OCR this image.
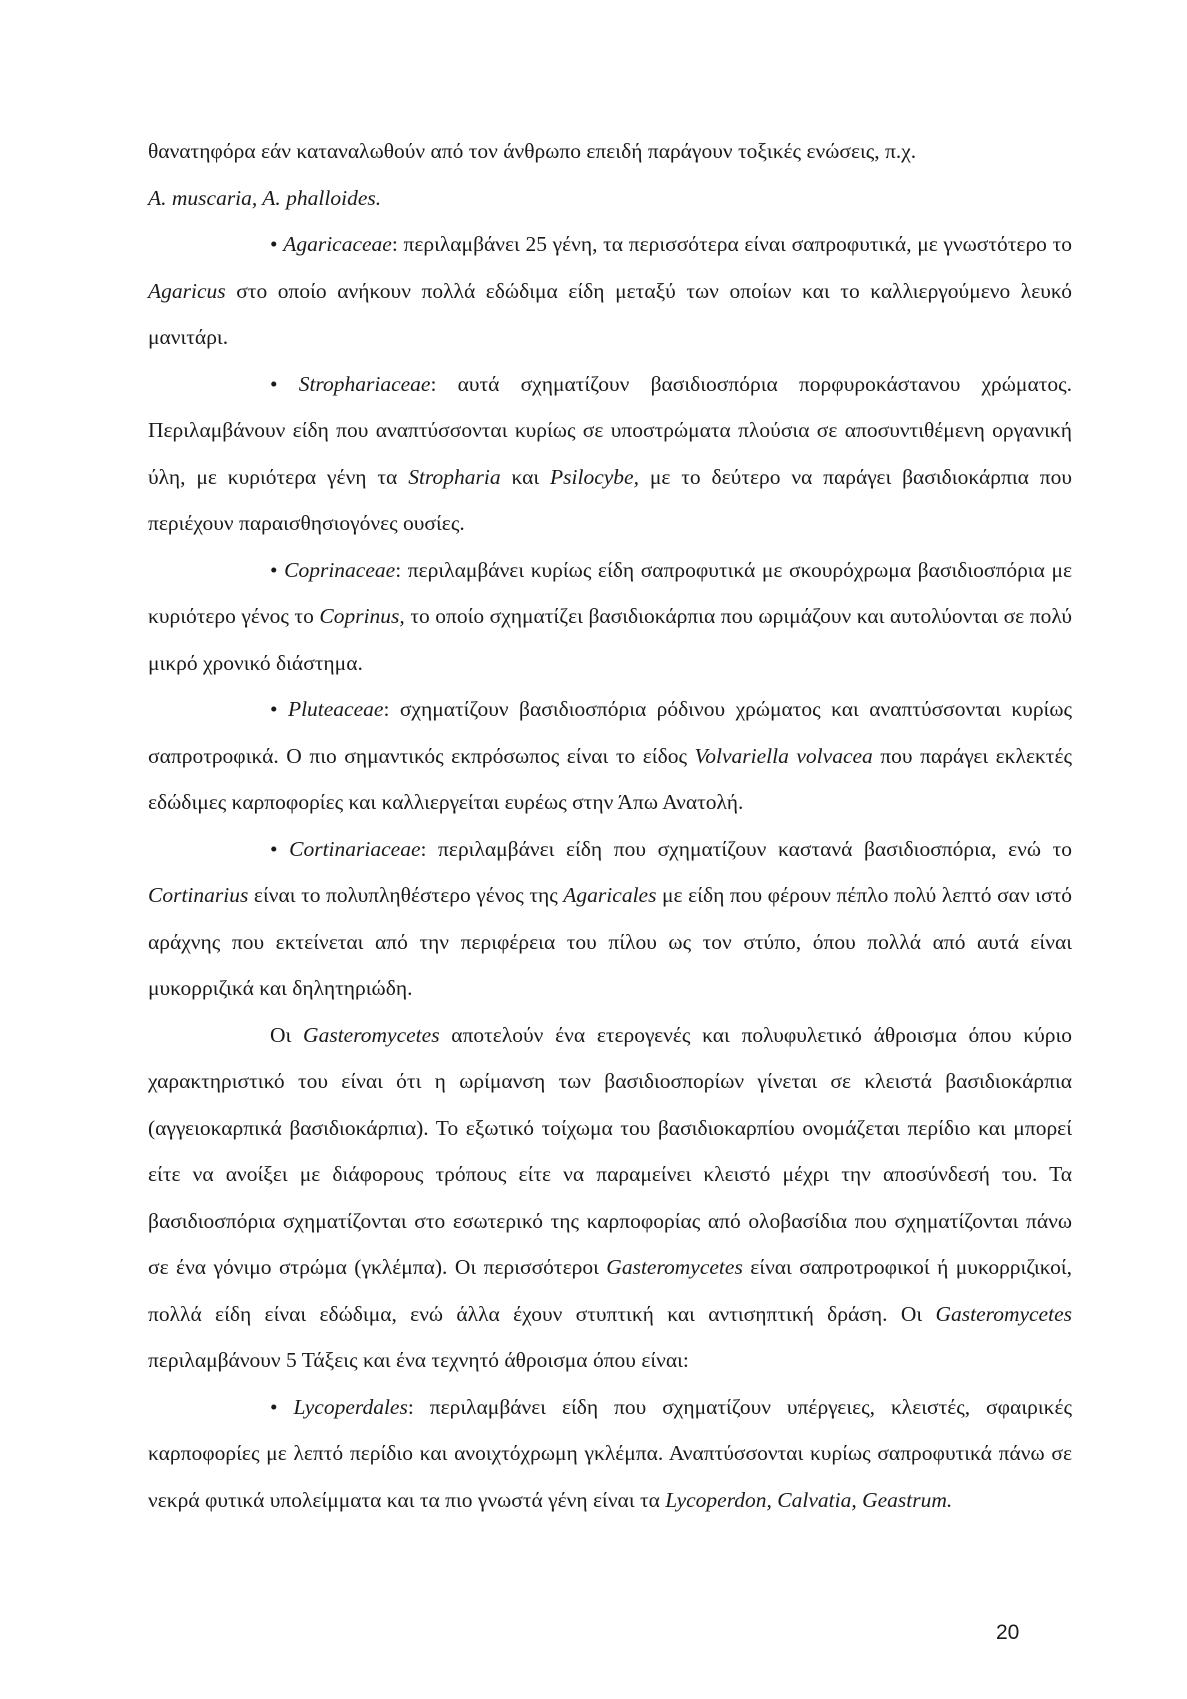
θανατηφόρα εάν καταναλωθούν από τον άνθρωπο επειδή παράγουν τοξικές ενώσεις, π.χ.
A. muscaria, A. phalloides.

• Agaricaceae: περιλαμβάνει 25 γένη, τα περισσότερα είναι σαπροφυτικά, με γνωστότερο το Agaricus στο οποίο ανήκουν πολλά εδώδιμα είδη μεταξύ των οποίων και το καλλιεργούμενο λευκό μανιτάρι.

• Strophariaceae: αυτά σχηματίζουν βασιδιοσπόρια πορφυροκάστανου χρώματος. Περιλαμβάνουν είδη που αναπτύσσονται κυρίως σε υποστρώματα πλούσια σε αποσυντιθέμενη οργανική ύλη, με κυριότερα γένη τα Stropharia και Psilocybe, με το δεύτερο να παράγει βασιδιοκάρπια που περιέχουν παραισθησιογόνες ουσίες.

• Coprinaceae: περιλαμβάνει κυρίως είδη σαπροφυτικά με σκουρόχρωμα βασιδιοσπόρια με κυριότερο γένος το Coprinus, το οποίο σχηματίζει βασιδιοκάρπια που ωριμάζουν και αυτολύονται σε πολύ μικρό χρονικό διάστημα.

• Pluteaceae: σχηματίζουν βασιδιοσπόρια ρόδινου χρώματος και αναπτύσσονται κυρίως σαπροτροφικά. Ο πιο σημαντικός εκπρόσωπος είναι το είδος Volvariella volvacea που παράγει εκλεκτές εδώδιμες καρποφορίες και καλλιεργείται ευρέως στην Άπω Ανατολή.

• Cortinariaceae: περιλαμβάνει είδη που σχηματίζουν καστανά βασιδιοσπόρια, ενώ το Cortinarius είναι το πολυπληθέστερο γένος της Agaricales με είδη που φέρουν πέπλο πολύ λεπτό σαν ιστό αράχνης που εκτείνεται από την περιφέρεια του πίλου ως τον στύπο, όπου πολλά από αυτά είναι μυκορριζικά και δηλητηριώδη.

Οι Gasteromycetes αποτελούν ένα ετερογενές και πολυφυλετικό άθροισμα όπου κύριο χαρακτηριστικό του είναι ότι η ωρίμανση των βασιδιοσπορίων γίνεται σε κλειστά βασιδιοκάρπια (αγγειοκαρπικά βασιδιοκάρπια). Το εξωτικό τοίχωμα του βασιδιοκαρπίου ονομάζεται περίδιο και μπορεί είτε να ανοίξει με διάφορους τρόπους είτε να παραμείνει κλειστό μέχρι την αποσύνδεσή του. Τα βασιδιοσπόρια σχηματίζονται στο εσωτερικό της καρποφορίας από ολοβασίδια που σχηματίζονται πάνω σε ένα γόνιμο στρώμα (γκλέμπα). Οι περισσότεροι Gasteromycetes είναι σαπροτροφικοί ή μυκορριζικοί, πολλά είδη είναι εδώδιμα, ενώ άλλα έχουν στυπτική και αντισηπτική δράση. Οι Gasteromycetes περιλαμβάνουν 5 Τάξεις και ένα τεχνητό άθροισμα όπου είναι:

• Lycoperdales: περιλαμβάνει είδη που σχηματίζουν υπέργειες, κλειστές, σφαιρικές καρποφορίες με λεπτό περίδιο και ανοιχτόχρωμη γκλέμπα. Αναπτύσσονται κυρίως σαπροφυτικά πάνω σε νεκρά φυτικά υπολείμματα και τα πιο γνωστά γένη είναι τα Lycoperdon, Calvatia, Geastrum.

20
